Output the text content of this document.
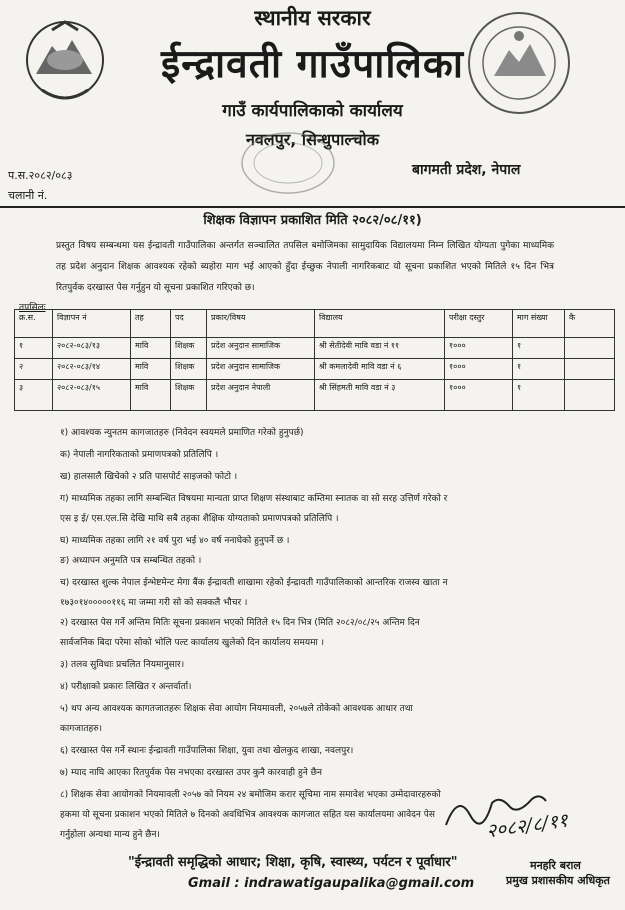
स्थानीय सरकार
ईन्द्रावती गाउँपालिका
गाउँ कार्यपालिकाको कार्यालय
नवलपुर, सिन्धुपाल्चोक
प.स.२०८२/०८३
चलानी नं.
बागमती प्रदेश, नेपाल
शिक्षक विज्ञापन प्रकाशित मिति २०८२/०८/११)
प्रस्तुत विषय सम्बन्धमा यस ईन्द्रावती गाउँपालिका अन्तर्गत सञ्चालित तपसिल बमोजिमका सामुदायिक विद्यालयमा निम्न लिखित योग्यता पुगेका माध्यमिक तह प्रदेश अनुदान शिक्षक आवश्यक रहेको ब्यहोरा माग भई आएको हुँदा ईच्छुक नेपाली नागरिकबाट यो सूचना प्रकाशित भएको मितिले १५ दिन भित्र रितपुर्वक दरखास्त पेस गर्नुहुन यो सूचना प्रकाशित गरिएको छ।
तपसिलः
क्र.स.	विज्ञापन नं	तह	पद	प्रकार/विषय	विद्यालय	परीक्षा दस्तुर	माग संख्या	कै
१	२०८२-०८३/१३	मावि	शिक्षक	प्रदेश अनुदान सामाजिक	श्री सेतीदेवी मावि वडा नं ११	१०००	१	
२	२०८२-०८३/१४	मावि	शिक्षक	प्रदेश अनुदान सामाजिक	श्री कमलादेवी मावि वडा नं ६	१०००	१	
३	२०८२-०८३/१५	मावि	शिक्षक	प्रदेश अनुदान नेपाली	श्री सिंहमती मावि वडा नं ३	१०००	१	

१) आवश्यक न्युनतम कागजातहरु (निवेदन स्वयमले प्रमाणित गरेको हुनुपर्छ)

क) नेपाली नागरिकताको प्रमाणपत्रको प्रतिलिपि ।

ख) हालसालै खिचेको २ प्रति पासपोर्ट साइजको फोटो ।

ग) माध्यमिक तहका लागि सम्बन्धित विषयमा मान्यता प्राप्त शिक्षण संस्थाबाट कम्तिमा स्नातक वा सो सरह उत्तिर्ण गरेको र

एस इ ई/ एस.एल.सि देखि माथि सबै तहका शैक्षिक योग्यताको प्रमाणपत्रको प्रतिलिपि ।

घ) माध्यमिक तहका लागि २१ वर्ष पुरा भई ४० वर्ष ननाघेको हुनुपर्ने छ ।

ङ) अध्यापन अनुमति पत्र सम्बन्धित तहको ।

च) दरखास्त शुल्क नेपाल ईन्भेष्टमेन्ट मेगा बैंक ईन्द्रावती शाखामा रहेको ईन्द्रावती गाउँपालिकाको आन्तरिक राजस्व खाता न

१७३०१४०००००११६ मा जम्मा गरी सो को सक्कलै भौचर ।

२) दरखास्त पेस गर्ने अन्तिम मितिः सूचना प्रकाशन भएको मितिले १५ दिन भित्र (मिति २०८२/०८/२५ अन्तिम दिन

सार्वजनिक बिदा परेमा सोको भोलि पल्ट कार्यालय खुलेको दिन कार्यालय समयमा ।

३) तलव सुविधाः प्रचलित नियमानुसार।

४) परीक्षाको प्रकारः लिखित र अन्तर्वार्ता।

५) थप अन्य आवश्यक कागतजातहरुः शिक्षक सेवा आयोग नियमावली, २०५७ले तोकेको आवश्यक आधार तथा

कागजातहरु।

६) दरखास्त पेस गर्ने स्थानः ईन्द्रावती गाउँपालिका शिक्षा, युवा तथा खेलकुद शाखा, नवलपुर।

७) म्याद नाघि आएका रितपुर्वक पेस नभएका दरखास्त उपर कुनै कारवाही हुने छैन

८) शिक्षक सेवा आयोगको नियमावली २०५७ को नियम २४ बमोजिम करार सूचिमा नाम समावेश भएका उम्मेदावारहरुको

हकमा यो सूचना प्रकाशन भएको मितिले ७ दिनको अवधिभित्र आवश्यक कागजात सहित यस कार्यालयमा आवेदन पेस

गर्नुहोला अन्यथा मान्य हुने छैन।	२०८२/८/११
"ईन्द्रावती समृद्धिको आधार; शिक्षा, कृषि, स्वास्थ्य, पर्यटन र पूर्वाधार"
Gmail : indrawatigaupalika@gmail.com
मनहरि बराल
प्रमुख प्रशासकीय अधिकृत
